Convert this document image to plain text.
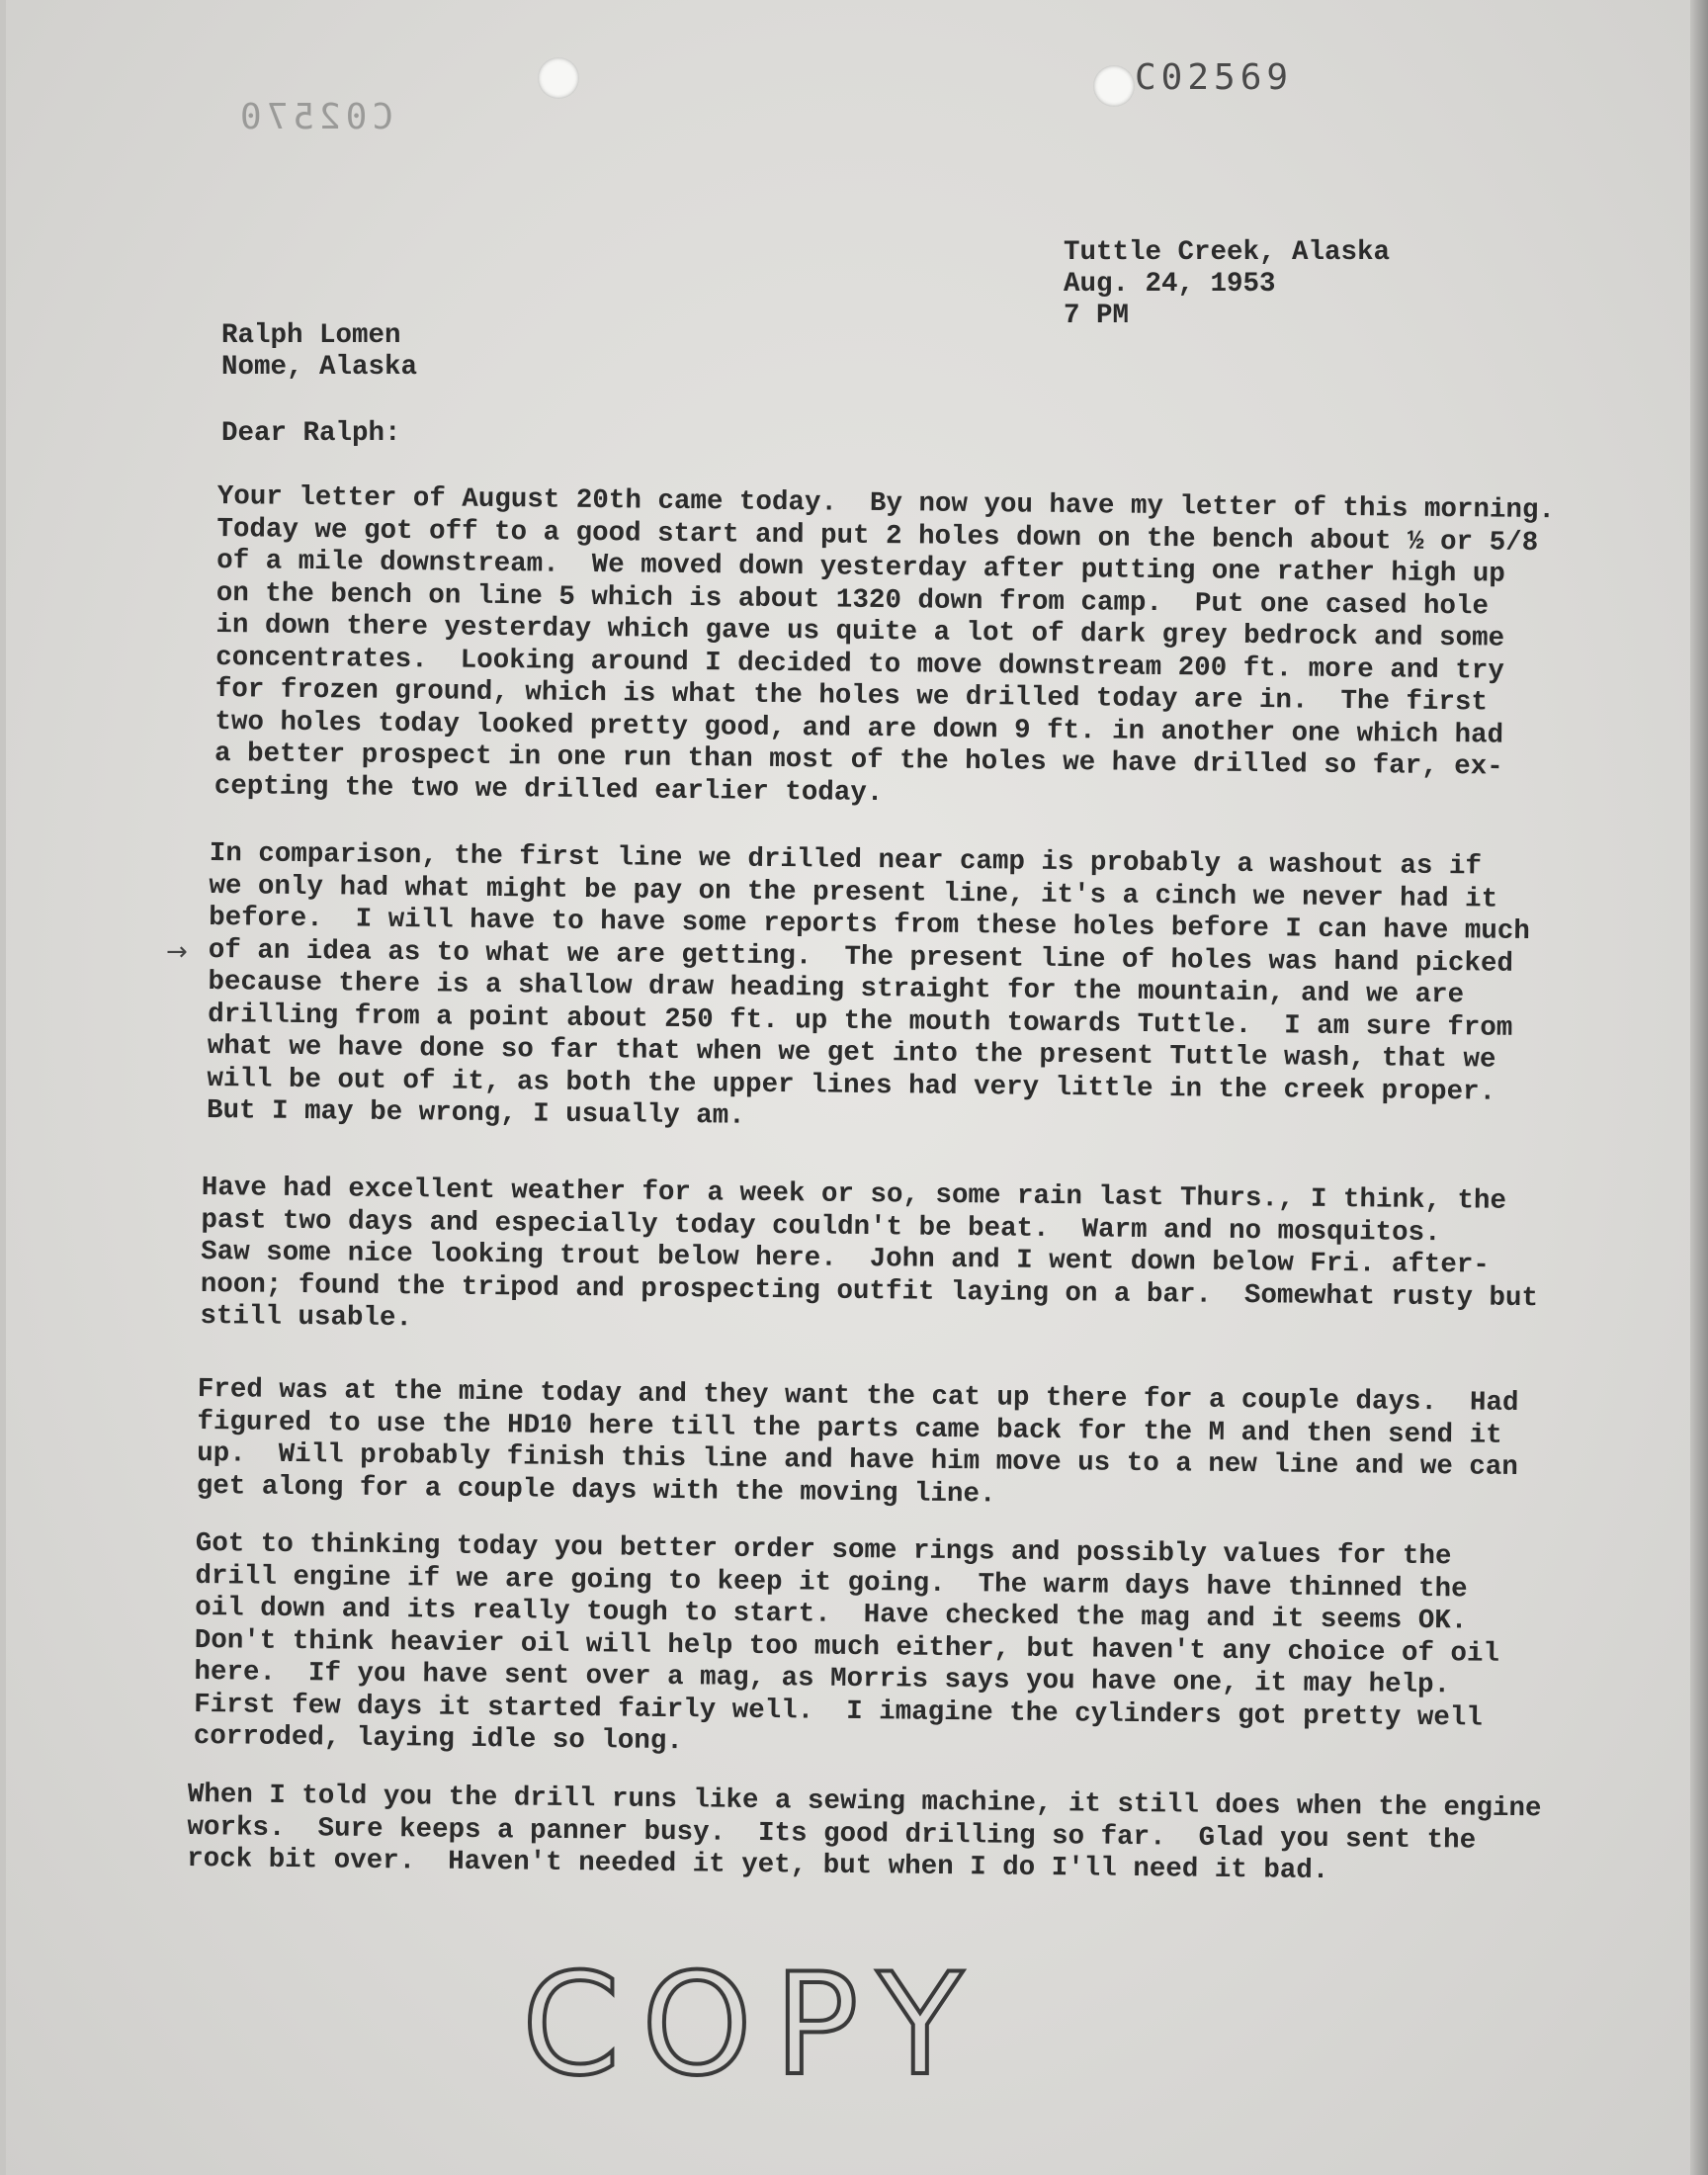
C02570
C02569
Tuttle Creek, Alaska
Aug. 24, 1953
7 PM
Ralph Lomen
Nome, Alaska
Dear Ralph:
Your letter of August 20th came today.  By now you have my letter of this morning.
Today we got off to a good start and put 2 holes down on the bench about ½ or 5/8
of a mile downstream.  We moved down yesterday after putting one rather high up
on the bench on line 5 which is about 1320 down from camp.  Put one cased hole
in down there yesterday which gave us quite a lot of dark grey bedrock and some
concentrates.  Looking around I decided to move downstream 200 ft. more and try
for frozen ground, which is what the holes we drilled today are in.  The first
two holes today looked pretty good, and are down 9 ft. in another one which had
a better prospect in one run than most of the holes we have drilled so far, ex-
cepting the two we drilled earlier today.
In comparison, the first line we drilled near camp is probably a washout as if
we only had what might be pay on the present line, it's a cinch we never had it
before.  I will have to have some reports from these holes before I can have much
of an idea as to what we are getting.  The present line of holes was hand picked
because there is a shallow draw heading straight for the mountain, and we are
drilling from a point about 250 ft. up the mouth towards Tuttle.  I am sure from
what we have done so far that when we get into the present Tuttle wash, that we
will be out of it, as both the upper lines had very little in the creek proper.
But I may be wrong, I usually am.
→
Have had excellent weather for a week or so, some rain last Thurs., I think, the
past two days and especially today couldn't be beat.  Warm and no mosquitos.
Saw some nice looking trout below here.  John and I went down below Fri. after-
noon; found the tripod and prospecting outfit laying on a bar.  Somewhat rusty but
still usable.
Fred was at the mine today and they want the cat up there for a couple days.  Had
figured to use the HD10 here till the parts came back for the M and then send it
up.  Will probably finish this line and have him move us to a new line and we can
get along for a couple days with the moving line.
Got to thinking today you better order some rings and possibly values for the
drill engine if we are going to keep it going.  The warm days have thinned the
oil down and its really tough to start.  Have checked the mag and it seems OK.
Don't think heavier oil will help too much either, but haven't any choice of oil
here.  If you have sent over a mag, as Morris says you have one, it may help.
First few days it started fairly well.  I imagine the cylinders got pretty well
corroded, laying idle so long.
When I told you the drill runs like a sewing machine, it still does when the engine
works.  Sure keeps a panner busy.  Its good drilling so far.  Glad you sent the
rock bit over.  Haven't needed it yet, but when I do I'll need it bad.
COPY
